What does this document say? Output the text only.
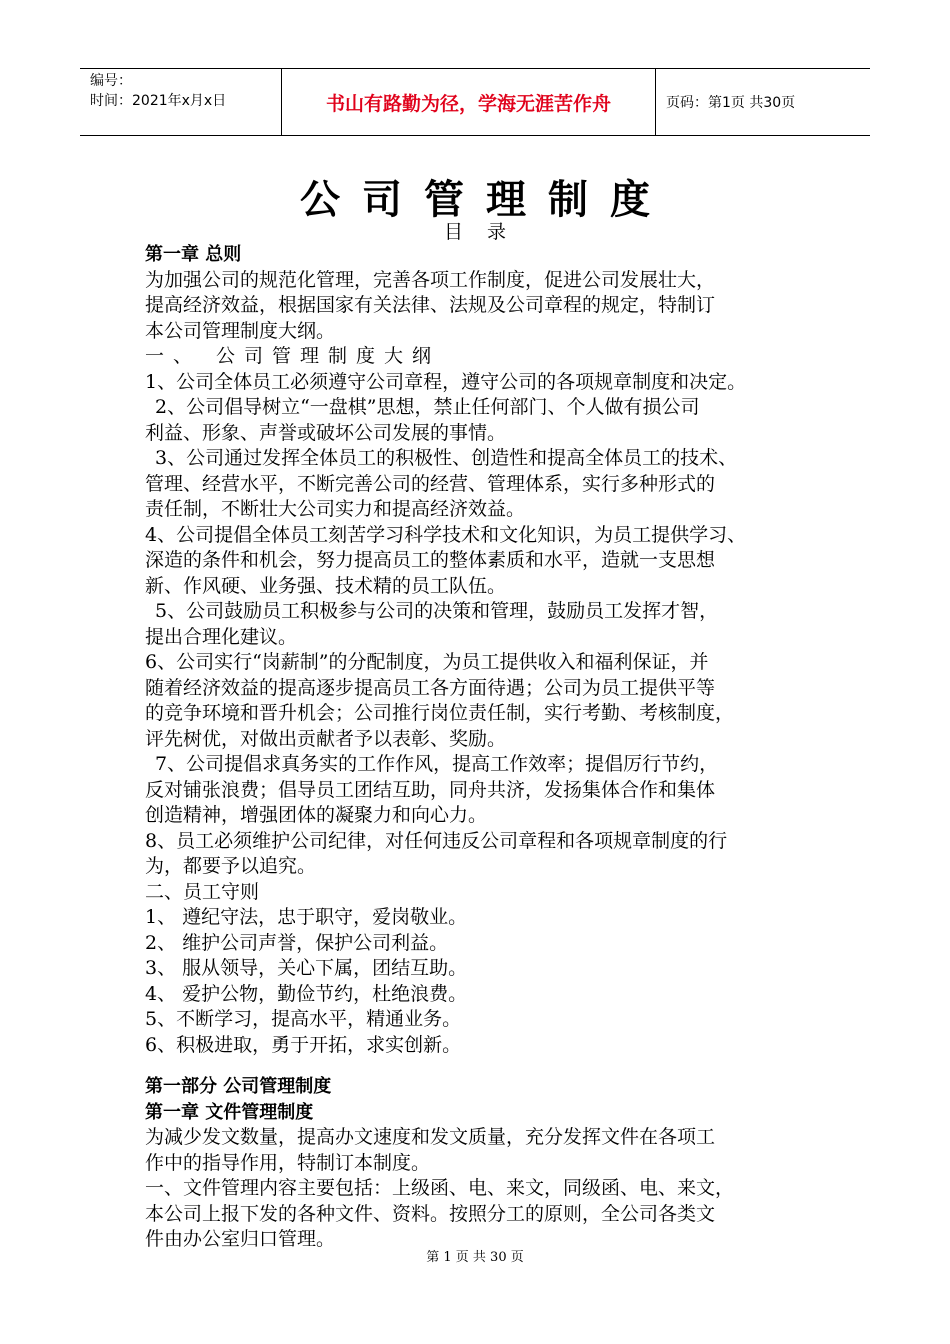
编号：
时间：2021年x月x日	书山有路勤为径，学海无涯苦作舟	页码：第1页 共30页
公司管理制度
目录
第一章 总则
为加强公司的规范化管理，完善各项工作制度，促进公司发展壮大，
提高经济效益，根据国家有关法律、法规及公司章程的规定，特制订
本公司管理制度大纲。
一、 公司管理制度大纲
1、公司全体员工必须遵守公司章程，遵守公司的各项规章制度和决定。
2、公司倡导树立“一盘棋”思想，禁止任何部门、个人做有损公司
利益、形象、声誉或破坏公司发展的事情。
3、公司通过发挥全体员工的积极性、创造性和提高全体员工的技术、
管理、经营水平，不断完善公司的经营、管理体系，实行多种形式的
责任制，不断壮大公司实力和提高经济效益。
4、公司提倡全体员工刻苦学习科学技术和文化知识，为员工提供学习、
深造的条件和机会，努力提高员工的整体素质和水平，造就一支思想
新、作风硬、业务强、技术精的员工队伍。
5、公司鼓励员工积极参与公司的决策和管理，鼓励员工发挥才智，
提出合理化建议。
6、公司实行“岗薪制”的分配制度，为员工提供收入和福利保证，并
随着经济效益的提高逐步提高员工各方面待遇；公司为员工提供平等
的竞争环境和晋升机会；公司推行岗位责任制，实行考勤、考核制度，
评先树优，对做出贡献者予以表彰、奖励。
7、公司提倡求真务实的工作作风，提高工作效率；提倡厉行节约，
反对铺张浪费；倡导员工团结互助，同舟共济，发扬集体合作和集体
创造精神，增强团体的凝聚力和向心力。
8、员工必须维护公司纪律，对任何违反公司章程和各项规章制度的行
为，都要予以追究。
二、员工守则
1、 遵纪守法，忠于职守，爱岗敬业。
2、 维护公司声誉，保护公司利益。
3、 服从领导，关心下属，团结互助。
4、 爱护公物，勤俭节约，杜绝浪费。
5、不断学习，提高水平，精通业务。
6、积极进取，勇于开拓，求实创新。
第一部分 公司管理制度
第一章 文件管理制度
为减少发文数量，提高办文速度和发文质量，充分发挥文件在各项工
作中的指导作用，特制订本制度。
一、文件管理内容主要包括：上级函、电、来文，同级函、电、来文，
本公司上报下发的各种文件、资料。按照分工的原则，全公司各类文
件由办公室归口管理。
第 1 页 共 30 页
